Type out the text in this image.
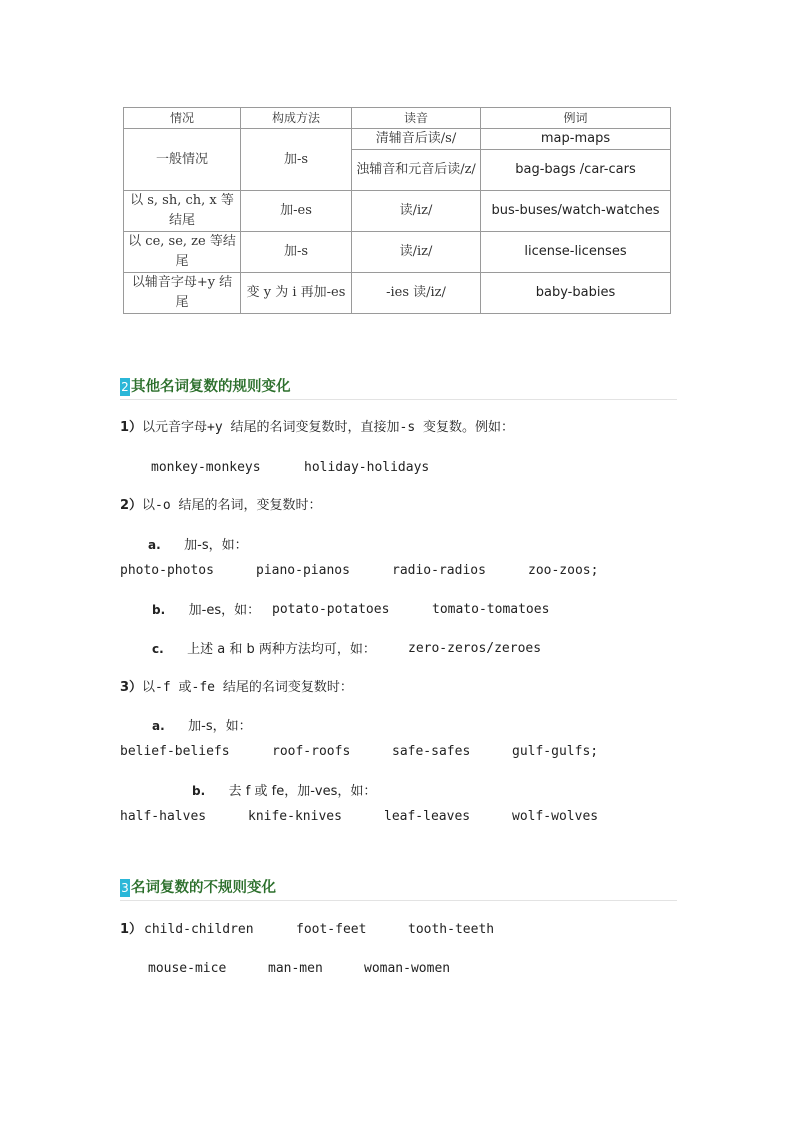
情况	构成方法	读音	例词
一般情况	加-s	清辅音后读/s/	map-maps
		浊辅音和元音后读/z/	bag-bags /car-cars
以 s, sh, ch, x 等结尾	加-es	读/iz/	bus-buses/watch-watches
以 ce, se, ze 等结尾	加-s	读/iz/	license-licenses
以辅音字母+y 结尾	变 y 为 i 再加-es	-ies 读/iz/	baby-babies
2 其他名词复数的规则变化
1）以元音字母+y 结尾的名词变复数时，直接加-s 变复数。例如：
monkey-monkeys	holiday-holidays
2）以-o 结尾的名词，变复数时：
a. 加-s，如：
photo-photos	piano-pianos	radio-radios	zoo-zoos;
b. 加-es，如： potato-potatoes	tomato-tomatoes
c. 上述 a 和 b 两种方法均可，如： zero-zeros/zeroes
3）以-f 或-fe 结尾的名词变复数时：
a. 加-s，如：
belief-beliefs	roof-roofs	safe-safes	gulf-gulfs;
b. 去 f 或 fe，加-ves，如：
half-halves	knife-knives	leaf-leaves	wolf-wolves
3 名词复数的不规则变化
1） child-children	foot-feet	tooth-teeth
mouse-mice	man-men	woman-women
